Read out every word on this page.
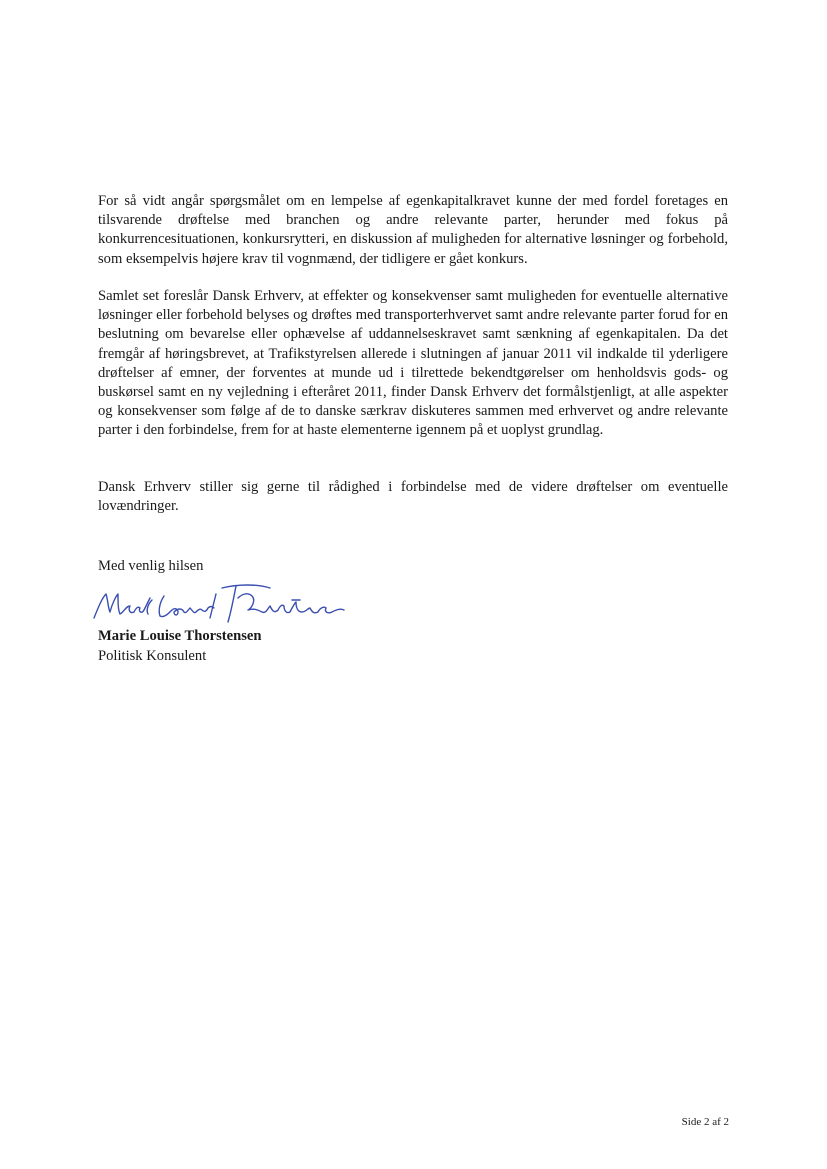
For så vidt angår spørgsmålet om en lempelse af egenkapitalkravet kunne der med fordel foretages en tilsvarende drøftelse med branchen og andre relevante parter, herunder med fokus på konkurrencesituationen, konkursrytteri, en diskussion af muligheden for alternative løsninger og forbehold, som eksempelvis højere krav til vognmænd, der tidligere er gået konkurs.

Samlet set foreslår Dansk Erhverv, at effekter og konsekvenser samt muligheden for eventuelle alternative løsninger eller forbehold belyses og drøftes med transporterhvervet samt andre relevante parter forud for en beslutning om bevarelse eller ophævelse af uddannelseskravet samt sænkning af egenkapitalen. Da det fremgår af høringsbrevet, at Trafikstyrelsen allerede i slutningen af januar 2011 vil indkalde til yderligere drøftelser af emner, der forventes at munde ud i tilrettede bekendtgørelser om henholdsvis gods- og buskørsel samt en ny vejledning i efteråret 2011, finder Dansk Erhverv det formålstjenligt, at alle aspekter og konsekvenser som følge af de to danske særkrav diskuteres sammen med erhvervet og andre relevante parter i den forbindelse, frem for at haste elementerne igennem på et uoplyst grundlag.

Dansk Erhverv stiller sig gerne til rådighed i forbindelse med de videre drøftelser om eventuelle lovændringer.

Med venlig hilsen

Marie Louise Thorstensen

Politisk Konsulent

Side 2 af 2
